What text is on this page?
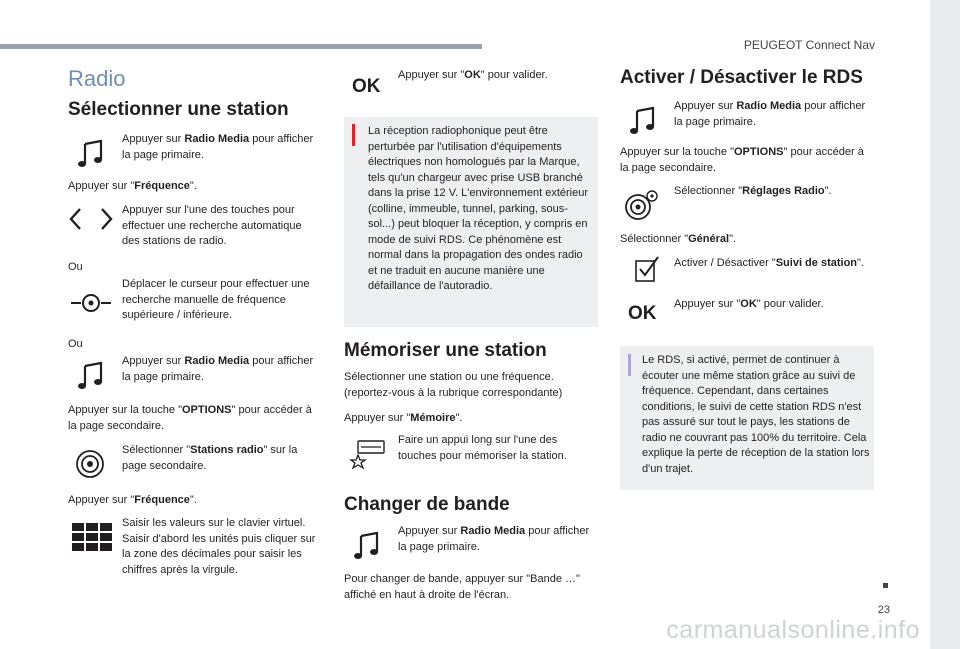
PEUGEOT Connect Nav
23
carmanualsonline.info
Radio
Sélectionner une station
Appuyer sur Radio Media pour afficher la page primaire.
Appuyer sur "Fréquence".
Appuyer sur l'une des touches pour effectuer une recherche automatique des stations de radio.
Ou
Déplacer le curseur pour effectuer une recherche manuelle de fréquence supérieure / inférieure.
Ou
Appuyer sur Radio Media pour afficher la page primaire.
Appuyer sur la touche "OPTIONS" pour accéder à la page secondaire.
Sélectionner "Stations radio" sur la page secondaire.
Appuyer sur "Fréquence".
Saisir les valeurs sur le clavier virtuel.
Saisir d'abord les unités puis cliquer sur la zone des décimales pour saisir les chiffres après la virgule.
OK
Appuyer sur "OK" pour valider.
La réception radiophonique peut être perturbée par l'utilisation d'équipements électriques non homologués par la Marque, tels qu'un chargeur avec prise USB branché dans la prise 12 V. L'environnement extérieur (colline, immeuble, tunnel, parking, sous-sol...) peut bloquer la réception, y compris en mode de suivi RDS. Ce phénomène est normal dans la propagation des ondes radio et ne traduit en aucune manière une défaillance de l'autoradio.
Mémoriser une station
Sélectionner une station ou une fréquence. (reportez-vous à la rubrique correspondante)
Appuyer sur "Mémoire".
Faire un appui long sur l'une des touches pour mémoriser la station.
Changer de bande
Appuyer sur Radio Media pour afficher la page primaire.
Pour changer de bande, appuyer sur "Bande …" affiché en haut à droite de l'écran.
Activer / Désactiver le RDS
Appuyer sur Radio Media pour afficher la page primaire.
Appuyer sur la touche "OPTIONS" pour accéder à la page secondaire.
Sélectionner "Réglages Radio".
Sélectionner "Général".
Activer / Désactiver "Suivi de station".
OK Appuyer sur "OK" pour valider.
Le RDS, si activé, permet de continuer à écouter une même station grâce au suivi de fréquence. Cependant, dans certaines conditions, le suivi de cette station RDS n'est pas assuré sur tout le pays, les stations de radio ne couvrant pas 100% du territoire. Cela explique la perte de réception de la station lors d'un trajet.
